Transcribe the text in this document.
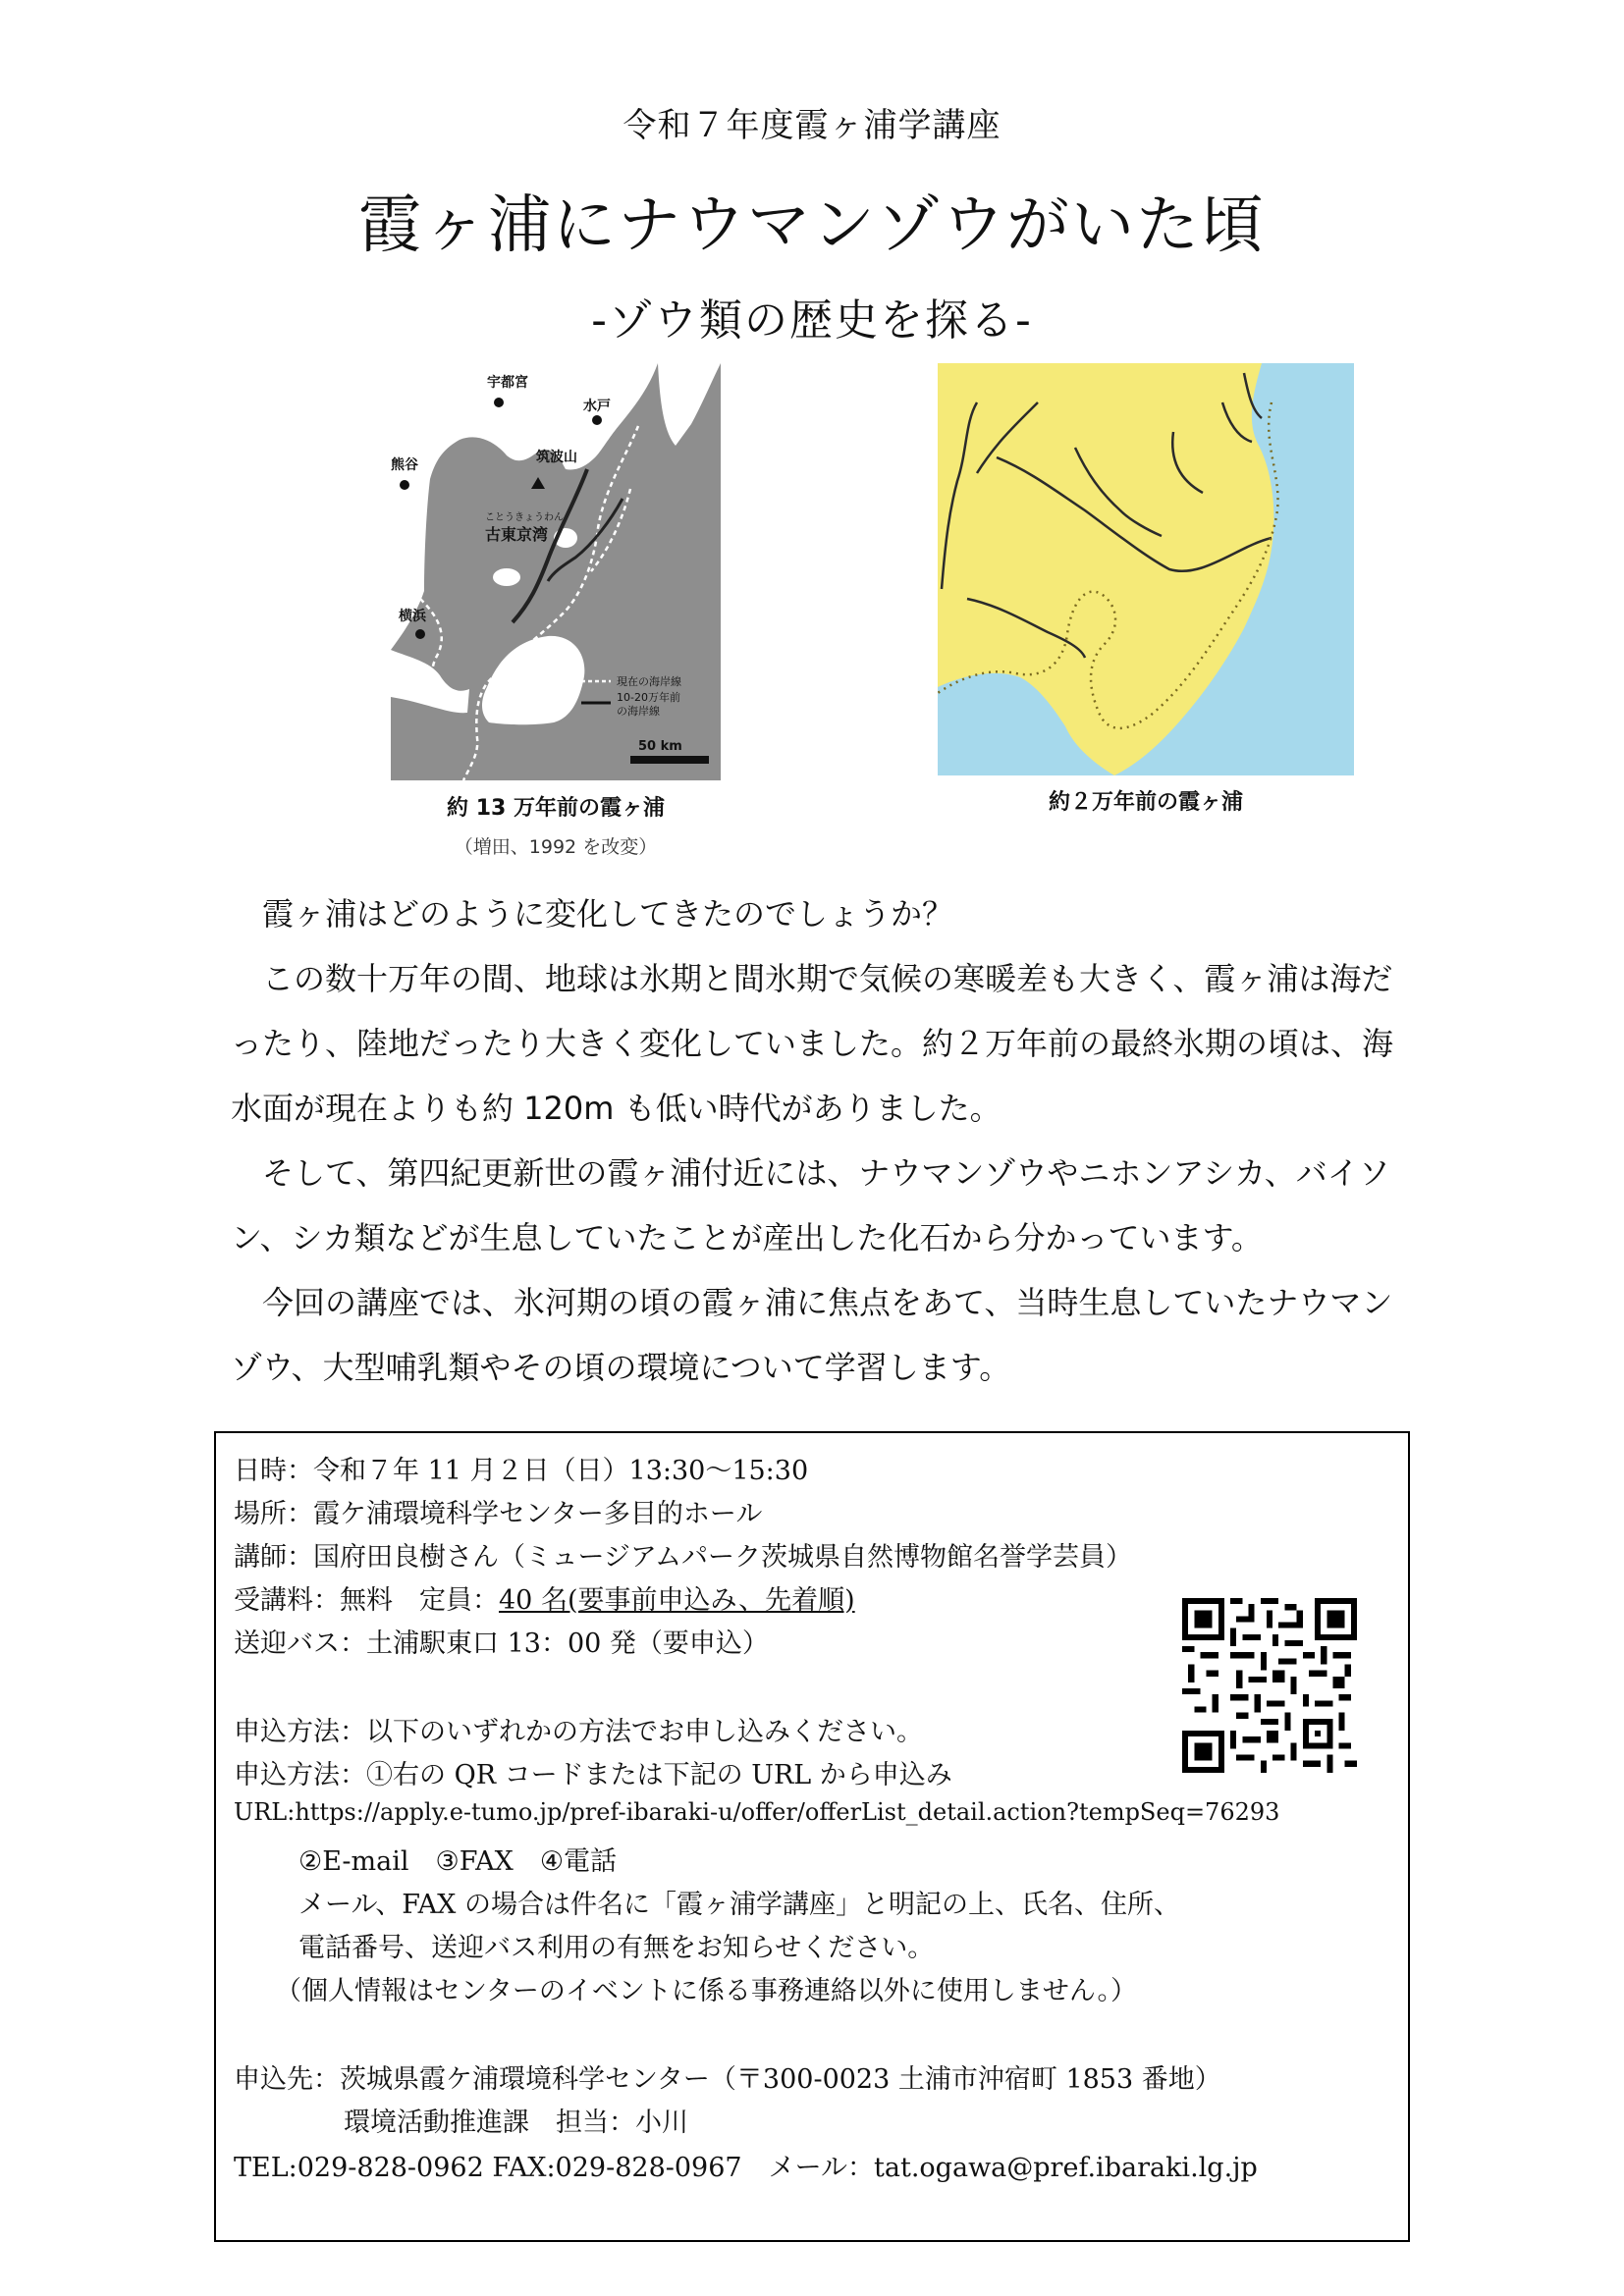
令和７年度霞ヶ浦学講座
霞ヶ浦にナウマンゾウがいた頃
-ゾウ類の歴史を探る-
宇都宮
水戸
筑波山
熊谷
ことうきょうわん
古東京湾
横浜
現在の海岸線
10-20万年前
の海岸線
50 km
約 13 万年前の霞ヶ浦
（増田、1992 を改変）
約２万年前の霞ヶ浦

霞ヶ浦はどのように変化してきたのでしょうか？

この数十万年の間、地球は氷期と間氷期で気候の寒暖差も大きく、霞ヶ浦は海だったり、陸地だったり大きく変化していました。約２万年前の最終氷期の頃は、海水面が現在よりも約 120m も低い時代がありました。

そして、第四紀更新世の霞ヶ浦付近には、ナウマンゾウやニホンアシカ、バイソン、シカ類などが生息していたことが産出した化石から分かっています。

今回の講座では、氷河期の頃の霞ヶ浦に焦点をあて、当時生息していたナウマンゾウ、大型哺乳類やその頃の環境について学習します。

日時：令和７年 11 月２日（日）13:30～15:30
場所：霞ケ浦環境科学センター多目的ホール
講師：国府田良樹さん（ミュージアムパーク茨城県自然博物館名誉学芸員）
受講料：無料　定員：40 名(要事前申込み、先着順)
送迎バス：土浦駅東口 13：00 発（要申込）
申込方法：以下のいずれかの方法でお申し込みください。
申込方法：①右の QR コードまたは下記の URL から申込み
URL:https://apply.e-tumo.jp/pref-ibaraki-u/offer/offerList_detail.action?tempSeq=76293
②E-mail　③FAX　④電話
メール、FAX の場合は件名に「霞ヶ浦学講座」と明記の上、氏名、住所、
電話番号、送迎バス利用の有無をお知らせください。
（個人情報はセンターのイベントに係る事務連絡以外に使用しません。）
申込先：茨城県霞ケ浦環境科学センター（〒300-0023 土浦市沖宿町 1853 番地）
環境活動推進課　担当：小川
TEL:029-828-0962 FAX:029-828-0967　メール：tat.ogawa@pref.ibaraki.lg.jp
